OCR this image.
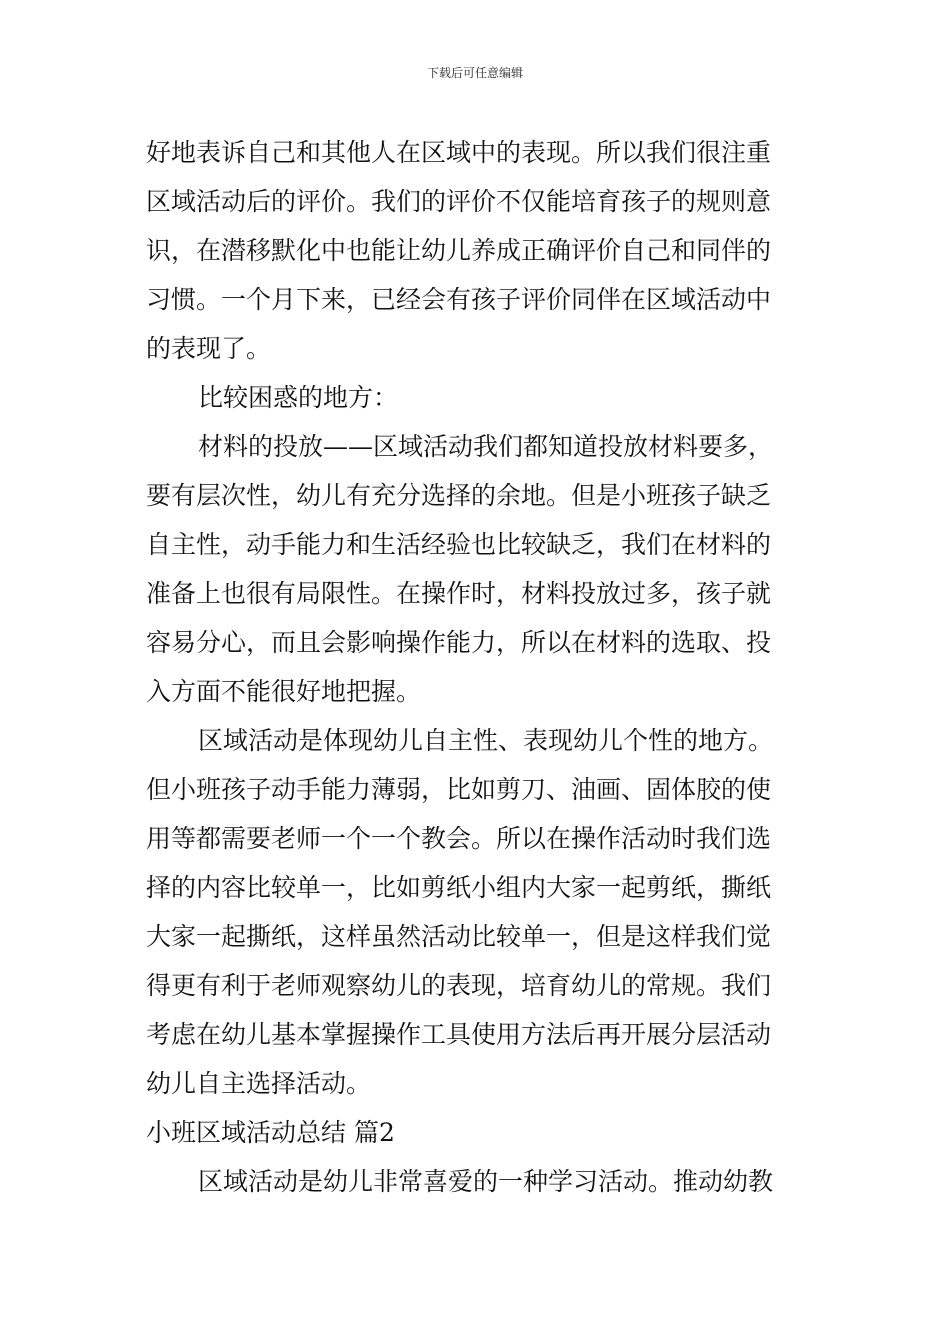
下载后可任意编辑
好地表诉自己和其他人在区域中的表现。所以我们很注重
区域活动后的评价。我们的评价不仅能培育孩子的规则意
识，在潜移默化中也能让幼儿养成正确评价自己和同伴的
习惯。一个月下来，已经会有孩子评价同伴在区域活动中
的表现了。
比较困惑的地方：
材料的投放——区域活动我们都知道投放材料要多，
要有层次性，幼儿有充分选择的余地。但是小班孩子缺乏
自主性，动手能力和生活经验也比较缺乏，我们在材料的
准备上也很有局限性。在操作时，材料投放过多，孩子就
容易分心，而且会影响操作能力，所以在材料的选取、投
入方面不能很好地把握。
区域活动是体现幼儿自主性、表现幼儿个性的地方。
但小班孩子动手能力薄弱，比如剪刀、油画、固体胶的使
用等都需要老师一个一个教会。所以在操作活动时我们选
择的内容比较单一，比如剪纸小组内大家一起剪纸，撕纸
大家一起撕纸，这样虽然活动比较单一，但是这样我们觉
得更有利于老师观察幼儿的表现，培育幼儿的常规。我们
考虑在幼儿基本掌握操作工具使用方法后再开展分层活动
幼儿自主选择活动。
小班区域活动总结 篇2
区域活动是幼儿非常喜爱的一种学习活动。推动幼教
